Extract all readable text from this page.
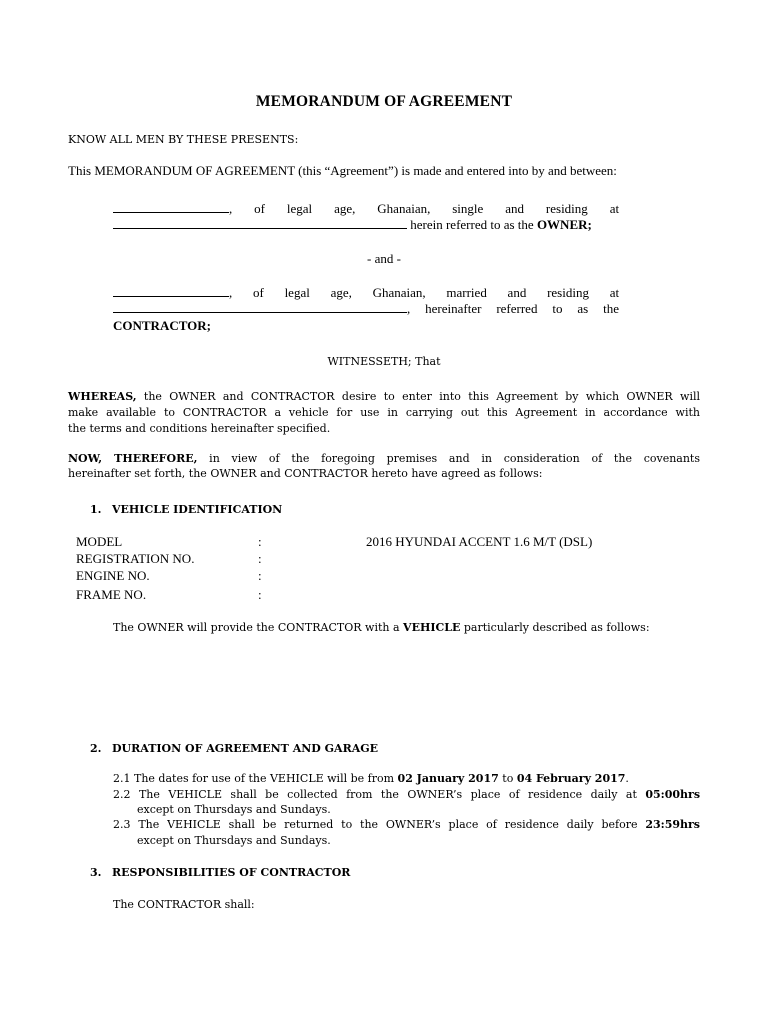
MEMORANDUM OF AGREEMENT
KNOW ALL MEN BY THESE PRESENTS:
This MEMORANDUM OF AGREEMENT (this “Agreement”) is made and entered into by and between:
, of legal age, Ghanaian, single and residing at
herein referred to as the OWNER;
- and -
, of legal age, Ghanaian, married and residing at
, hereinafter referred to as the
CONTRACTOR;
WITNESSETH; That
WHEREAS, the OWNER and CONTRACTOR desire to enter into this Agreement by which OWNER will
make available to CONTRACTOR a vehicle for use in carrying out this Agreement in accordance with
the terms and conditions hereinafter specified.
NOW, THEREFORE, in view of the foregoing premises and in consideration of the covenants
hereinafter set forth, the OWNER and CONTRACTOR hereto have agreed as follows:
1. VEHICLE IDENTIFICATION
MODEL	:	2016 HYUNDAI ACCENT 1.6 M/T (DSL)
REGISTRATION NO.	:
ENGINE NO.	:
FRAME NO.	:
The OWNER will provide the CONTRACTOR with a VEHICLE particularly described as follows:
2. DURATION OF AGREEMENT AND GARAGE
2.1 The dates for use of the VEHICLE will be from 02 January 2017 to 04 February 2017.
2.2 The VEHICLE shall be collected from the OWNER’s place of residence daily at 05:00hrs
except on Thursdays and Sundays.
2.3 The VEHICLE shall be returned to the OWNER’s place of residence daily before 23:59hrs
except on Thursdays and Sundays.
3. RESPONSIBILITIES OF CONTRACTOR
The CONTRACTOR shall:
